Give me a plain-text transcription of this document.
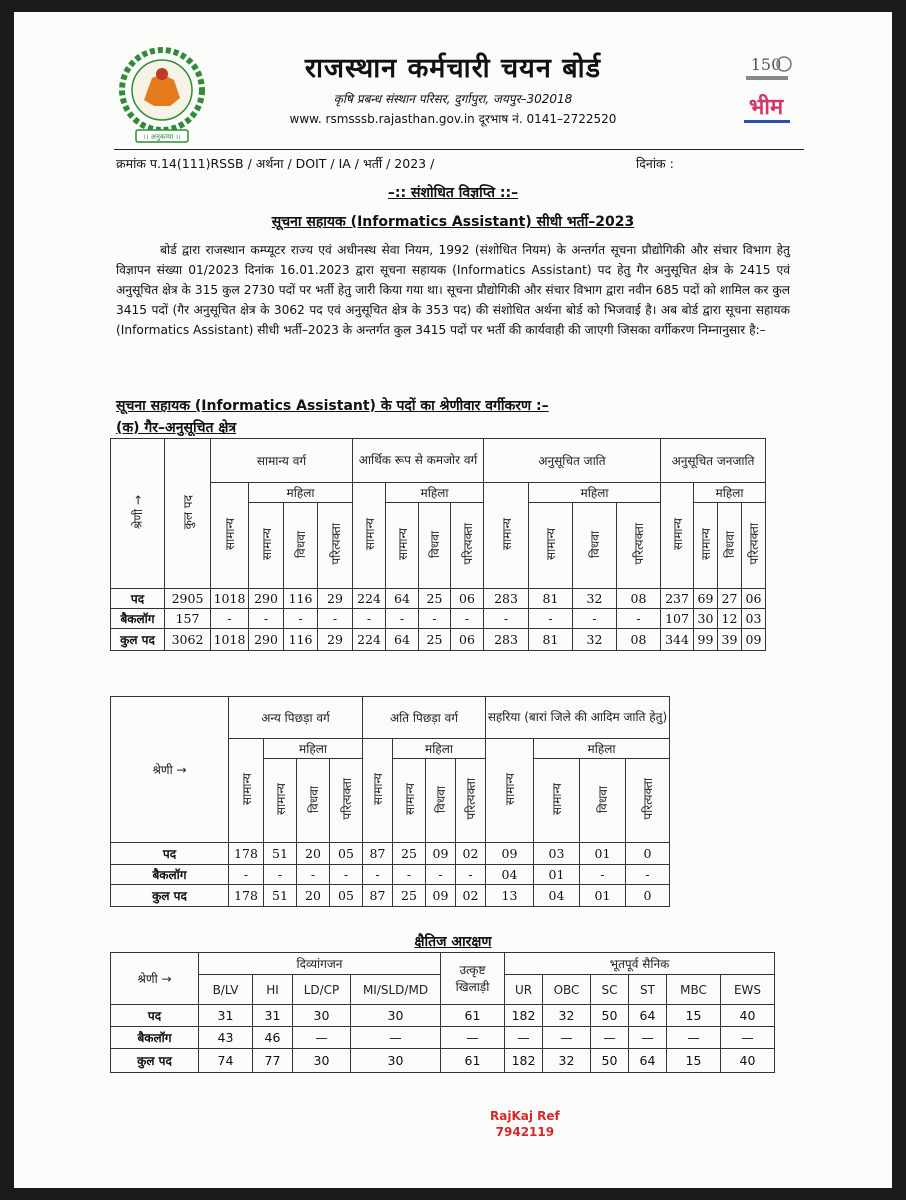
।। अनुकम्पा ।।
150
भीम
राजस्थान कर्मचारी चयन बोर्ड
कृषि प्रबन्ध संस्थान परिसर, दुर्गापुरा, जयपुर–302018
www. rsmsssb.rajasthan.gov.in दूरभाष नं. 0141–2722520
क्रमांक प.14(111)RSSB / अर्थना / DOIT / IA / भर्ती / 2023 /	दिनांक :
–:: संशोधित विज्ञप्ति ::–
सूचना सहायक (Informatics Assistant) सीधी भर्ती–2023
बोर्ड द्वारा राजस्थान कम्प्यूटर राज्य एवं अधीनस्थ सेवा नियम, 1992 (संशोधित नियम) के अन्तर्गत सूचना प्रौद्योगिकी और संचार विभाग हेतु विज्ञापन संख्या 01/2023 दिनांक 16.01.2023 द्वारा सूचना सहायक (Informatics Assistant) पद हेतु गैर अनुसूचित क्षेत्र के 2415 एवं अनुसूचित क्षेत्र के 315 कुल 2730 पदों पर भर्ती हेतु जारी किया गया था। सूचना प्रौद्योगिकी और संचार विभाग द्वारा नवीन 685 पदों को शामिल कर कुल 3415 पदों (गैर अनुसूचित क्षेत्र के 3062 पद एवं अनुसूचित क्षेत्र के 353 पद) की संशोधित अर्थना बोर्ड को भिजवाई है। अब बोर्ड द्वारा सूचना सहायक (Informatics Assistant) सीधी भर्ती–2023 के अन्तर्गत कुल 3415 पदों पर भर्ती की कार्यवाही की जाएगी जिसका वर्गीकरण निम्नानुसार है:–
सूचना सहायक (Informatics Assistant) के पदों का श्रेणीवार वर्गीकरण :–
(क) गैर–अनुसूचित क्षेत्र
श्रेणी →	कुल पद	सामान्य वर्ग				आर्थिक रूप से कमजोर वर्ग				अनुसूचित जाति				अनुसूचित जनजाति			
		सामान्य	महिला			सामान्य	महिला			सामान्य	महिला			सामान्य	महिला		
			सामान्य	विधवा	परित्यक्ता		सामान्य	विधवा	परित्यक्ता		सामान्य	विधवा	परित्यक्ता		सामान्य	विधवा	परित्यक्ता
पद	2905	1018	290	116	29	224	64	25	06	283	81	32	08	237	69	27	06
बैकलॉग	157	-	-	-	-	-	-	-	-	-	-	-	-	107	30	12	03
कुल पद	3062	1018	290	116	29	224	64	25	06	283	81	32	08	344	99	39	09
श्रेणी →	अन्य पिछड़ा वर्ग				अति पिछड़ा वर्ग				सहरिया (बारां जिले की आदिम जाति हेतु)			
	सामान्य	महिला			सामान्य	महिला			सामान्य	महिला		
		सामान्य	विधवा	परित्यक्ता		सामान्य	विधवा	परित्यक्ता		सामान्य	विधवा	परित्यक्ता
पद	178	51	20	05	87	25	09	02	09	03	01	0
बैकलॉग	-	-	-	-	-	-	-	-	04	01	-	-
कुल पद	178	51	20	05	87	25	09	02	13	04	01	0
क्षैतिज आरक्षण
श्रेणी →	दिव्यांगजन				उत्कृष्ट खिलाड़ी	भूतपूर्व सैनिक					
	B/LV	HI	LD/CP	MI/SLD/MD		UR	OBC	SC	ST	MBC	EWS
पद	31	31	30	30	61	182	32	50	64	15	40
बैकलॉग	43	46	—	—	—	—	—	—	—	—	—
कुल पद	74	77	30	30	61	182	32	50	64	15	40
RajKaj Ref
7942119
